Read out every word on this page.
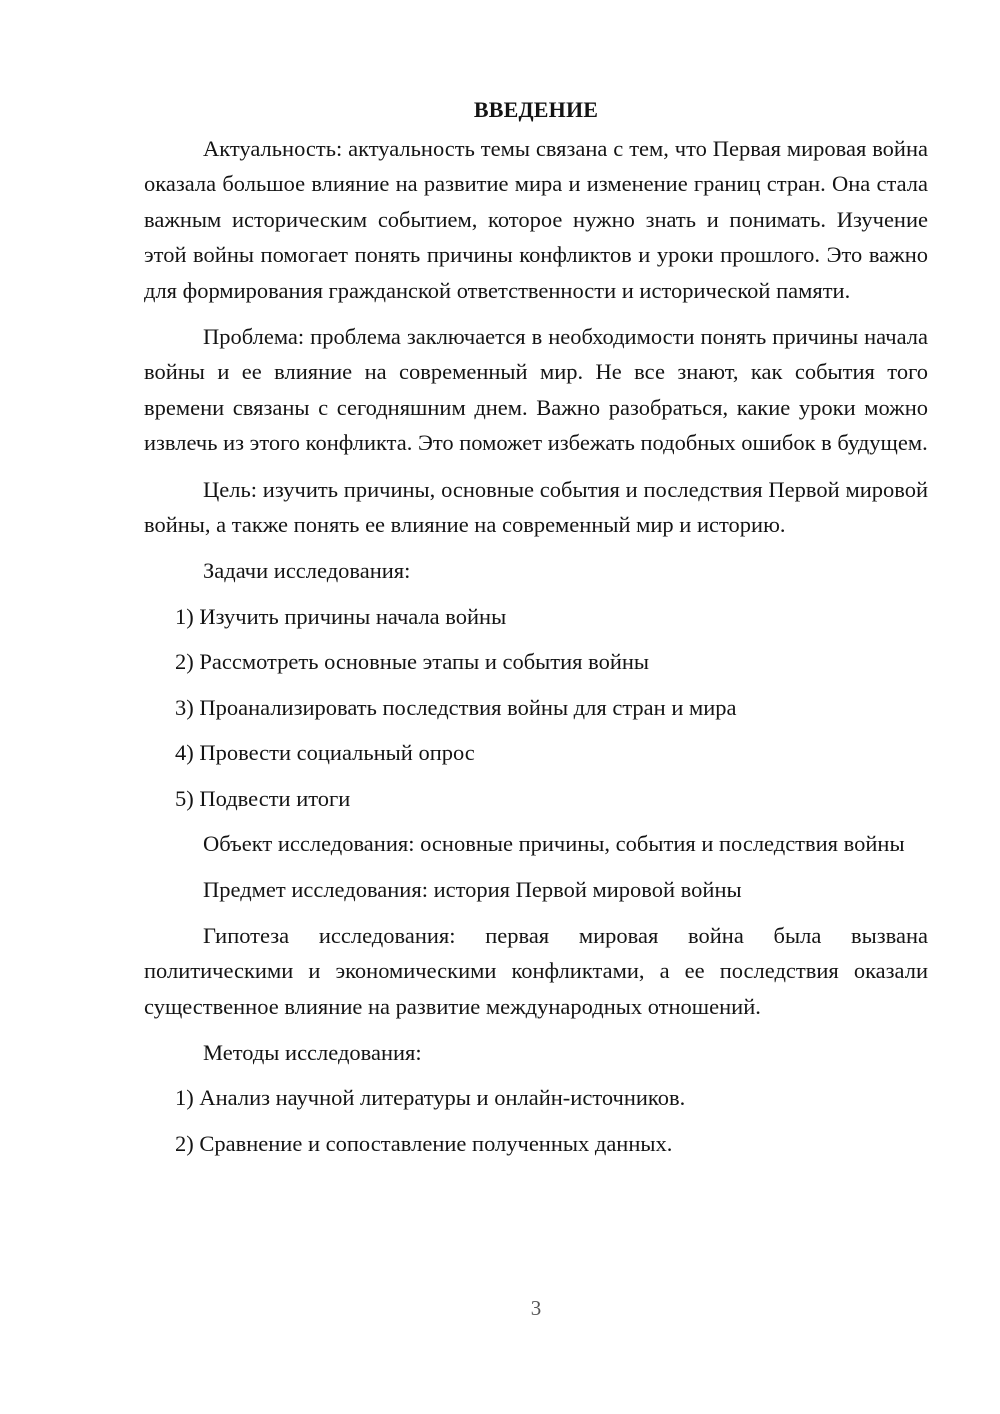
ВВЕДЕНИЕ

Актуальность: актуальность темы связана с тем, что Первая мировая война оказала большое влияние на развитие мира и изменение границ стран. Она стала важным историческим событием, которое нужно знать и понимать. Изучение этой войны помогает понять причины конфликтов и уроки прошлого. Это важно для формирования гражданской ответственности и исторической памяти.

Проблема: проблема заключается в необходимости понять причины начала войны и ее влияние на современный мир. Не все знают, как события того времени связаны с сегодняшним днем. Важно разобраться, какие уроки можно извлечь из этого конфликта. Это поможет избежать подобных ошибок в будущем.

Цель: изучить причины, основные события и последствия Первой мировой войны, а также понять ее влияние на современный мир и историю.

Задачи исследования:

1) Изучить причины начала войны
2) Рассмотреть основные этапы и события войны
3) Проанализировать последствия войны для стран и мира
4) Провести социальный опрос
5) Подвести итоги

Объект исследования: основные причины, события и последствия войны

Предмет исследования: история Первой мировой войны

Гипотеза исследования: первая мировая война была вызвана политическими и экономическими конфликтами, а ее последствия оказали существенное влияние на развитие международных отношений.

Методы исследования:

1) Анализ научной литературы и онлайн-источников.
2) Сравнение и сопоставление полученных данных.
3
